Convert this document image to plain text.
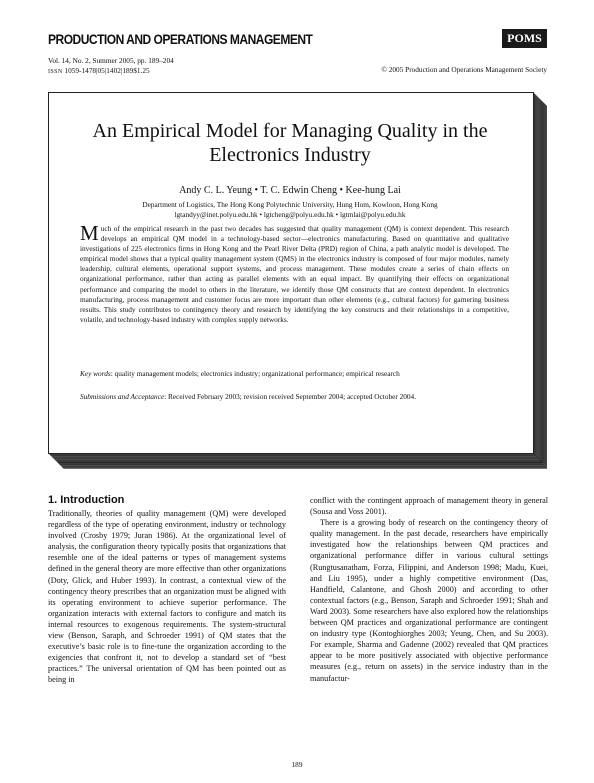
PRODUCTION AND OPERATIONS MANAGEMENT	POMS
Vol. 14, No. 2, Summer 2005, pp. 189–204
ISSN 1059-1478|05|1402|189$1.25	© 2005 Production and Operations Management Society
An Empirical Model for Managing Quality in the Electronics Industry
Andy C. L. Yeung • T. C. Edwin Cheng • Kee-hung Lai
Department of Logistics, The Hong Kong Polytechnic University, Hung Hom, Kowloon, Hong Kong
lgtandyy@inet.polyu.edu.hk • lgtcheng@polyu.edu.hk • lgtmlai@polyu.edu.hk
M uch of the empirical research in the past two decades has suggested that quality management (QM) is context dependent. This research develops an empirical QM model in a technology-based sector—electronics manufacturing. Based on quantitative and qualitative investigations of 225 electronics firms in Hong Kong and the Pearl River Delta (PRD) region of China, a path analytic model is developed. The empirical model shows that a typical quality management system (QMS) in the electronics industry is composed of four major modules, namely leadership, cultural elements, operational support systems, and process management. These modules create a series of chain effects on organizational performance, rather than acting as parallel elements with an equal impact. By quantifying their effects on organizational performance and comparing the model to others in the literature, we identify those QM constructs that are context dependent. In electronics manufacturing, process management and customer focus are more important than other elements (e.g., cultural factors) for garnering business results. This study contributes to contingency theory and research by identifying the key constructs and their relationships in a competitive, volatile, and technology-based industry with complex supply networks.
Key words: quality management models; electronics industry; organizational performance; empirical research
Submissions and Acceptance: Received February 2003; revision received September 2004; accepted October 2004.
1. Introduction

Traditionally, theories of quality management (QM) were developed regardless of the type of operating environment, industry or technology involved (Crosby 1979; Juran 1986). At the organizational level of analysis, the configuration theory typically posits that organizations that resemble one of the ideal patterns or types of management systems defined in the general theory are more effective than other organizations (Doty, Glick, and Huber 1993). In contrast, a contextual view of the contingency theory prescribes that an organization must be aligned with its operating environment to achieve superior performance. The organization interacts with external factors to configure and match its internal resources to exogenous requirements. The system-structural view (Benson, Saraph, and Schroeder 1991) of QM states that the executive’s basic role is to fine-tune the organization according to the exigencies that confront it, not to develop a standard set of “best practices.” The universal orientation of QM has been pointed out as being in

conflict with the contingent approach of management theory in general (Sousa and Voss 2001).

There is a growing body of research on the contingency theory of quality management. In the past decade, researchers have empirically investigated how the relationships between QM practices and organizational performance differ in various cultural settings (Rungtusanatham, Forza, Filippini, and Anderson 1998; Madu, Kuei, and Liu 1995), under a highly competitive environment (Das, Handfield, Calantone, and Ghosh 2000) and according to other contextual factors (e.g., Benson, Saraph and Schroeder 1991; Shah and Ward 2003). Some researchers have also explored how the relationships between QM practices and organizational performance are contingent on industry type (Kontoghiorghes 2003; Yeung, Chen, and Su 2003). For example, Sharma and Gadenne (2002) revealed that QM practices appear to be more positively associated with objective performance measures (e.g., return on assets) in the service industry than in the manufactur-

189
